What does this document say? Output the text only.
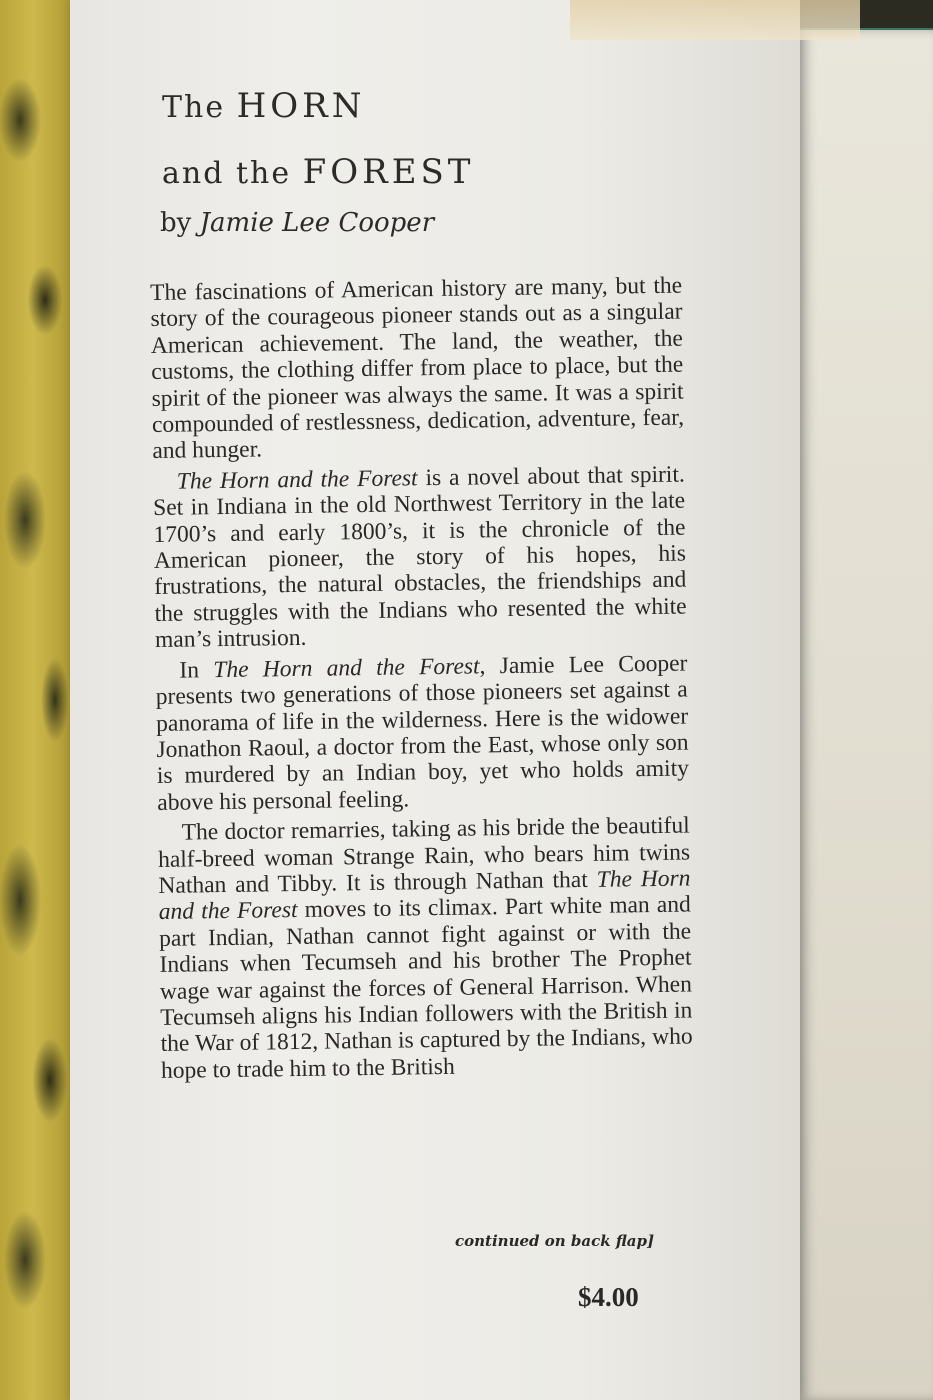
The HORN
and the FOREST
by Jamie Lee Cooper

The fascinations of American history are many, but the story of the courageous pioneer stands out as a singular American achievement. The land, the weather, the customs, the clothing differ from place to place, but the spirit of the pioneer was always the same. It was a spirit compounded of restlessness, dedication, adventure, fear, and hunger.

The Horn and the Forest is a novel about that spirit. Set in Indiana in the old Northwest Territory in the late 1700’s and early 1800’s, it is the chronicle of the American pioneer, the story of his hopes, his frustrations, the natural obstacles, the friendships and the struggles with the Indians who resented the white man’s intrusion.

In The Horn and the Forest, Jamie Lee Cooper presents two generations of those pioneers set against a panorama of life in the wilderness. Here is the widower Jonathon Raoul, a doctor from the East, whose only son is murdered by an Indian boy, yet who holds amity above his personal feeling.

The doctor remarries, taking as his bride the beautiful half-breed woman Strange Rain, who bears him twins Nathan and Tibby. It is through Nathan that The Horn and the Forest moves to its climax. Part white man and part Indian, Nathan cannot fight against or with the Indians when Tecumseh and his brother The Prophet wage war against the forces of General Harrison. When Tecumseh aligns his Indian followers with the British in the War of 1812, Nathan is captured by the Indians, who hope to trade him to the British

continued on back flap]
$4.00
